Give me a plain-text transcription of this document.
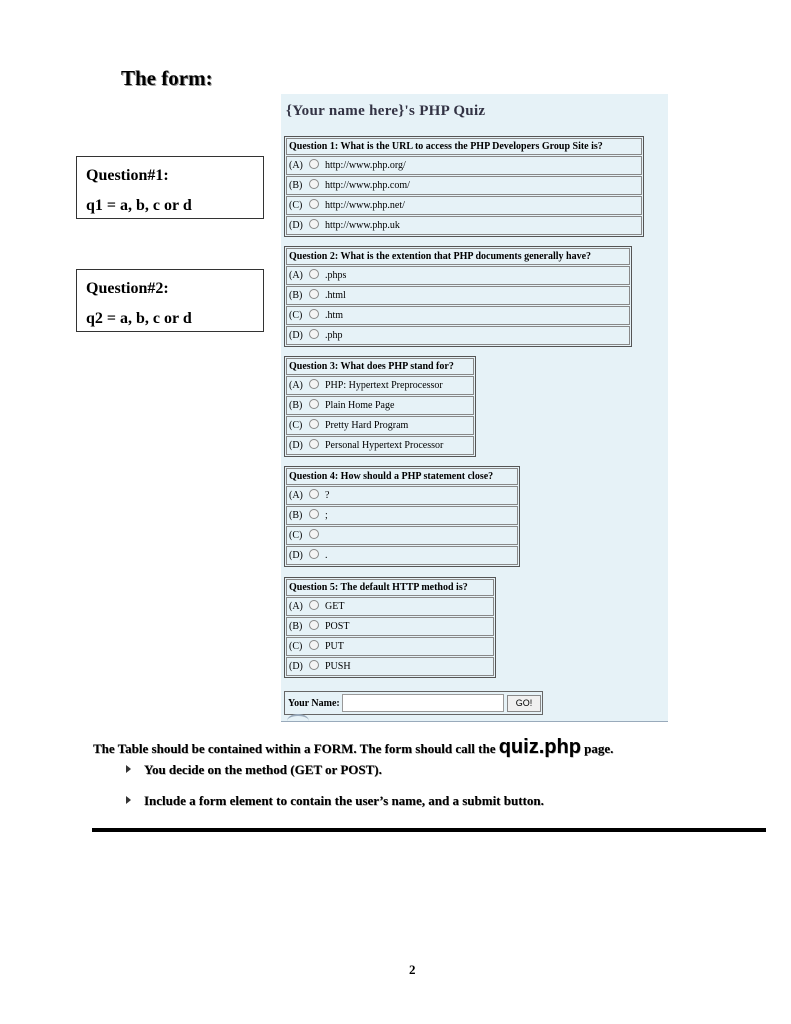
The form:
{Your name here}'s PHP Quiz
Question 1: What is the URL to access the PHP Developers Group Site is?
(A) http://www.php.org/
(B) http://www.php.com/
(C) http://www.php.net/
(D) http://www.php.uk
Question 2: What is the extention that PHP documents generally have?
(A) .phps
(B) .html
(C) .htm
(D) .php
Question 3: What does PHP stand for?
(A) PHP: Hypertext Preprocessor
(B) Plain Home Page
(C) Pretty Hard Program
(D) Personal Hypertext Processor
Question 4: How should a PHP statement close?
(A) ?
(B) ;
(C)
(D) .
Question 5: The default HTTP method is?
(A) GET
(B) POST
(C) PUT
(D) PUSH
Your Name:	GO!
Question#1:
q1 = a, b, c or d
Question#2:
q2 = a, b, c or d
The Table should be contained within a FORM. The form should call the quiz.php page.
You decide on the method (GET or POST).
Include a form element to contain the user’s name, and a submit button.
2
